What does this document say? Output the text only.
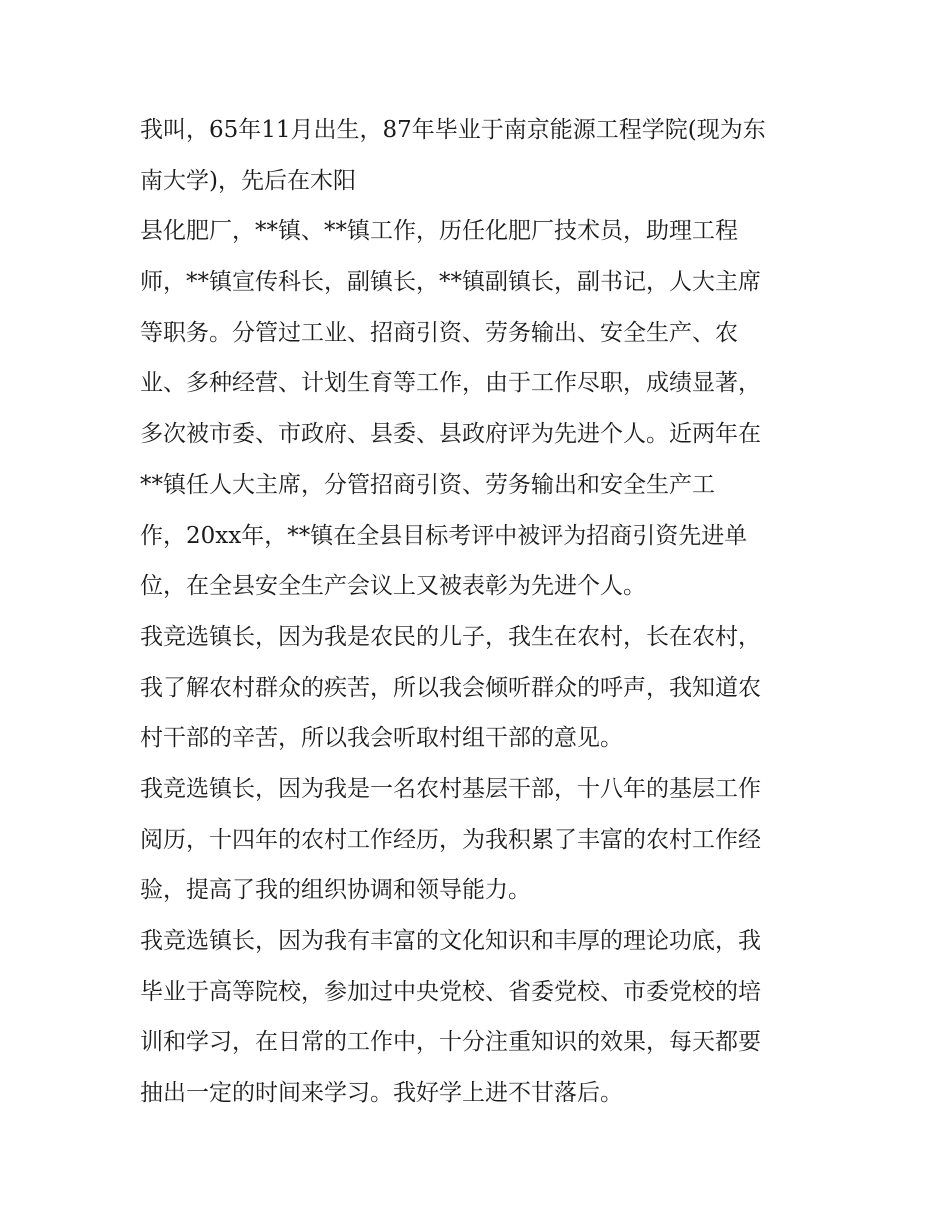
我叫，65年11月出生，87年毕业于南京能源工程学院(现为东
南大学)，先后在木阳
县化肥厂，**镇、**镇工作，历任化肥厂技术员，助理工程
师，**镇宣传科长，副镇长，**镇副镇长，副书记，人大主席
等职务。分管过工业、招商引资、劳务输出、安全生产、农
业、多种经营、计划生育等工作，由于工作尽职，成绩显著，
多次被市委、市政府、县委、县政府评为先进个人。近两年在
**镇任人大主席，分管招商引资、劳务输出和安全生产工
作，20xx年，**镇在全县目标考评中被评为招商引资先进单
位，在全县安全生产会议上又被表彰为先进个人。
我竞选镇长，因为我是农民的儿子，我生在农村，长在农村，
我了解农村群众的疾苦，所以我会倾听群众的呼声，我知道农
村干部的辛苦，所以我会听取村组干部的意见。
我竞选镇长，因为我是一名农村基层干部，十八年的基层工作
阅历，十四年的农村工作经历，为我积累了丰富的农村工作经
验，提高了我的组织协调和领导能力。
我竞选镇长，因为我有丰富的文化知识和丰厚的理论功底，我
毕业于高等院校，参加过中央党校、省委党校、市委党校的培
训和学习，在日常的工作中，十分注重知识的效果，每天都要
抽出一定的时间来学习。我好学上进不甘落后。
